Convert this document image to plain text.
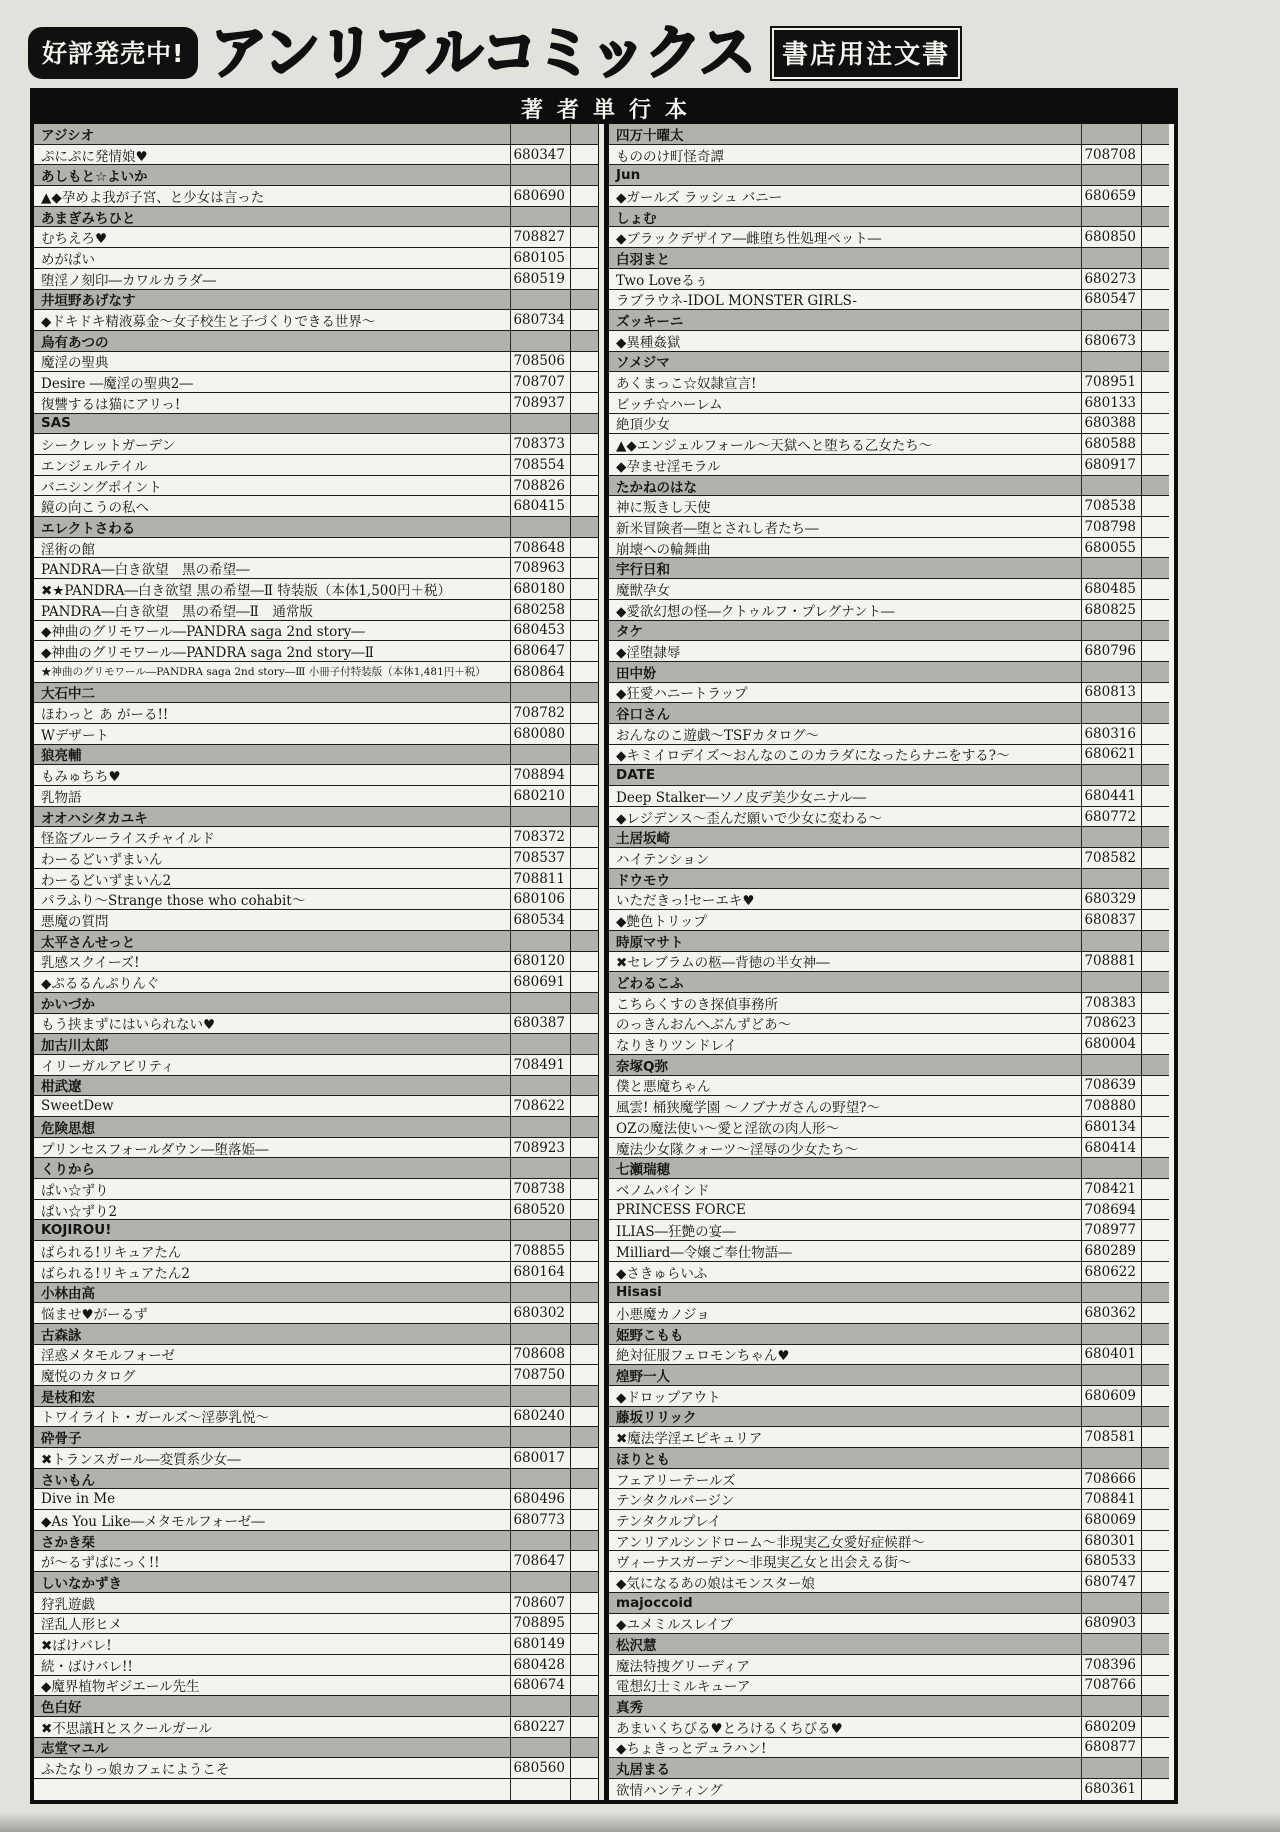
好評発売中! アンリアルコミックス	書店用注文書
著者単行本
アジシオ
ぷにぷに発情娘♥	680347
あしもと☆よいか
▲◆孕めよ我が子宮、と少女は言った	680690
あまぎみちひと
むちえろ♥	708827
めがぱい	680105
堕淫ノ刻印―カワルカラダ―	680519
井垣野あげなす
◆ドキドキ精液募金〜女子校生と子づくりできる世界〜	680734
烏有あつの
魔淫の聖典	708506
Desire ―魔淫の聖典2―	708707
復讐するは猫にアリっ!	708937
SAS
シークレットガーデン	708373
エンジェルテイル	708554
バニシングポイント	708826
鏡の向こうの私へ	680415
エレクトさわる
淫術の館	708648
PANDRA―白き欲望　黒の希望―	708963
✖★PANDRA―白き欲望 黒の希望―Ⅱ 特装版（本体1,500円＋税）	680180
PANDRA―白き欲望　黒の希望―Ⅱ　通常版	680258
◆神曲のグリモワール―PANDRA saga 2nd story―	680453
◆神曲のグリモワール―PANDRA saga 2nd story―Ⅱ	680647
★神曲のグリモワール―PANDRA saga 2nd story―Ⅲ 小冊子付特装版（本体1,481円＋税）	680864
大石中二
ほわっと あ がーる!!	708782
Wデザート	680080
狼亮輔
もみゅちち♥	708894
乳物語	680210
オオハシタカユキ
怪盗ブルーライスチャイルド	708372
わーるどいずまいん	708537
わーるどいずまいん2	708811
パラふり〜Strange those who cohabit〜	680106
悪魔の質問	680534
太平さんせっと
乳感スクイーズ!	680120
◆ぷるるんぷりんぐ	680691
かいづか
もう挟まずにはいられない♥	680387
加古川太郎
イリーガルアビリティ	708491
柑武遼
SweetDew	708622
危険思想
プリンセスフォールダウン―堕落姫―	708923
くりから
ぱい☆ずり	708738
ぱい☆ずり2	680520
KOJIROU!
ばられる!リキュアたん	708855
ばられる!リキュアたん2	680164
小林由高
悩ませ♥がーるず	680302
古森詠
淫惑メタモルフォーゼ	708608
魔悦のカタログ	708750
是枝和宏
トワイライト・ガールズ〜淫夢乳悦〜	680240
砕骨子
✖トランスガール―変質系少女―	680017
さいもん
Dive in Me	680496
◆As You Like―メタモルフォーゼ―	680773
さかき栞
が〜るずぱにっく!!	708647
しいなかずき
狩乳遊戯	708607
淫乱人形ヒメ	708895
✖ばけバレ!	680149
続・ばけバレ!!	680428
◆魔界植物ギジエール先生	680674
色白好
✖不思議Hとスクールガール	680227
志堂マユル
ふたなりっ娘カフェにようこそ	680560
四万十曜太
もののけ町怪奇譚	708708
Jun
◆ガールズ ラッシュ バニー	680659
しょむ
◆ブラックデザイア―雌堕ち性処理ペット―	680850
白羽まと
Two Loveるぅ	680273
ラブラウネ-IDOL MONSTER GIRLS-	680547
ズッキーニ
◆異種姦獄	680673
ソメジマ
あくまっこ☆奴隷宣言!	708951
ビッチ☆ハーレム	680133
絶頂少女	680388
▲◆エンジェルフォール〜天獄へと堕ちる乙女たち〜	680588
◆孕ませ淫モラル	680917
たかねのはな
神に叛きし天使	708538
新米冒険者―堕とされし者たち―	708798
崩壊への輪舞曲	680055
宇行日和
魔獣孕女	680485
◆愛欲幻想の怪―クトゥルフ・プレグナント―	680825
タケ
◆淫堕隷辱	680796
田中妢
◆狂愛ハニートラップ	680813
谷口さん
おんなのこ遊戯〜TSFカタログ〜	680316
◆キミイロデイズ〜おんなのこのカラダになったらナニをする?〜	680621
DATE
Deep Stalker―ソノ皮デ美少女ニナル―	680441
◆レジデンス〜歪んだ願いで少女に変わる〜	680772
土居坂崎
ハイテンション	708582
ドウモウ
いただきっ!セーエキ♥	680329
◆艶色トリップ	680837
時原マサト
✖セレブラムの柩―背徳の半女神―	708881
どわるこふ
こちらくすのき探偵事務所	708383
のっきんおんへぶんずどあ〜	708623
なりきりツンドレイ	680004
奈塚Q弥
僕と悪魔ちゃん	708639
風雲! 桶狭魔学園 〜ノブナガさんの野望?〜	708880
OZの魔法使い〜愛と淫欲の肉人形〜	680134
魔法少女隊クォーツ〜淫辱の少女たち〜	680414
七瀬瑞穂
ベノムバインド	708421
PRINCESS FORCE	708694
ILIAS―狂艶の宴―	708977
Milliard―令嬢ご奉仕物語―	680289
◆さきゅらいふ	680622
Hisasi
小悪魔カノジョ	680362
姫野こもも
絶対征服フェロモンちゃん♥	680401
煌野一人
◆ドロップアウト	680609
藤坂リリック
✖魔法学淫エピキュリア	708581
ほりとも
フェアリーテールズ	708666
テンタクルバージン	708841
テンタクルプレイ	680069
アンリアルシンドローム〜非現実乙女愛好症候群〜	680301
ヴィーナスガーデン〜非現実乙女と出会える街〜	680533
◆気になるあの娘はモンスター娘	680747
majoccoid
◆ユメミルスレイブ	680903
松沢慧
魔法特捜グリーディア	708396
電想幻士ミルキューア	708766
真秀
あまいくちびる♥とろけるくちびる♥	680209
◆ちょきっとデュラハン!	680877
丸居まる
欲情ハンティング	680361
